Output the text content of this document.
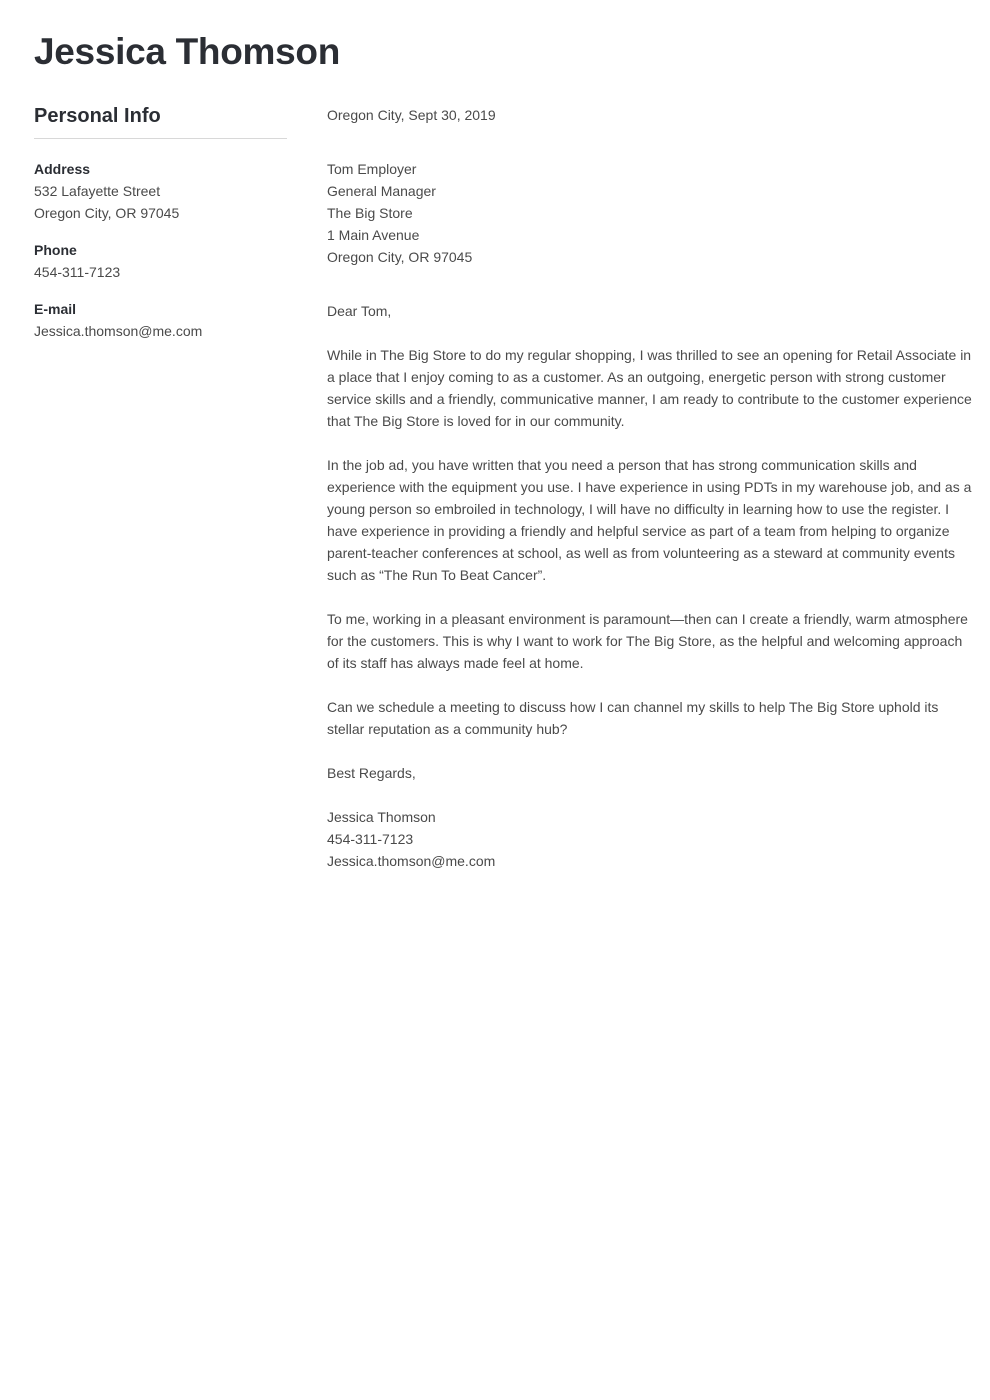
Jessica Thomson
Personal Info
Address
532 Lafayette Street
Oregon City, OR 97045
Phone
454-311-7123
E-mail
Jessica.thomson@me.com
Oregon City, Sept 30, 2019
Tom Employer
General Manager
The Big Store
1 Main Avenue
Oregon City, OR 97045
Dear Tom,

While in The Big Store to do my regular shopping, I was thrilled to see an opening for Retail Associate in a place that I enjoy coming to as a customer. As an outgoing, energetic person with strong customer service skills and a friendly, communicative manner, I am ready to contribute to the customer experience that The Big Store is loved for in our community.

In the job ad, you have written that you need a person that has strong communication skills and experience with the equipment you use. I have experience in using PDTs in my warehouse job, and as a young person so embroiled in technology, I will have no difficulty in learning how to use the register. I have experience in providing a friendly and helpful service as part of a team from helping to organize parent-teacher conferences at school, as well as from volunteering as a steward at community events such as “The Run To Beat Cancer”.

To me, working in a pleasant environment is paramount—then can I create a friendly, warm atmosphere for the customers. This is why I want to work for The Big Store, as the helpful and welcoming approach of its staff has always made feel at home.

Can we schedule a meeting to discuss how I can channel my skills to help The Big Store uphold its stellar reputation as a community hub?

Best Regards,
Jessica Thomson
454-311-7123
Jessica.thomson@me.com
